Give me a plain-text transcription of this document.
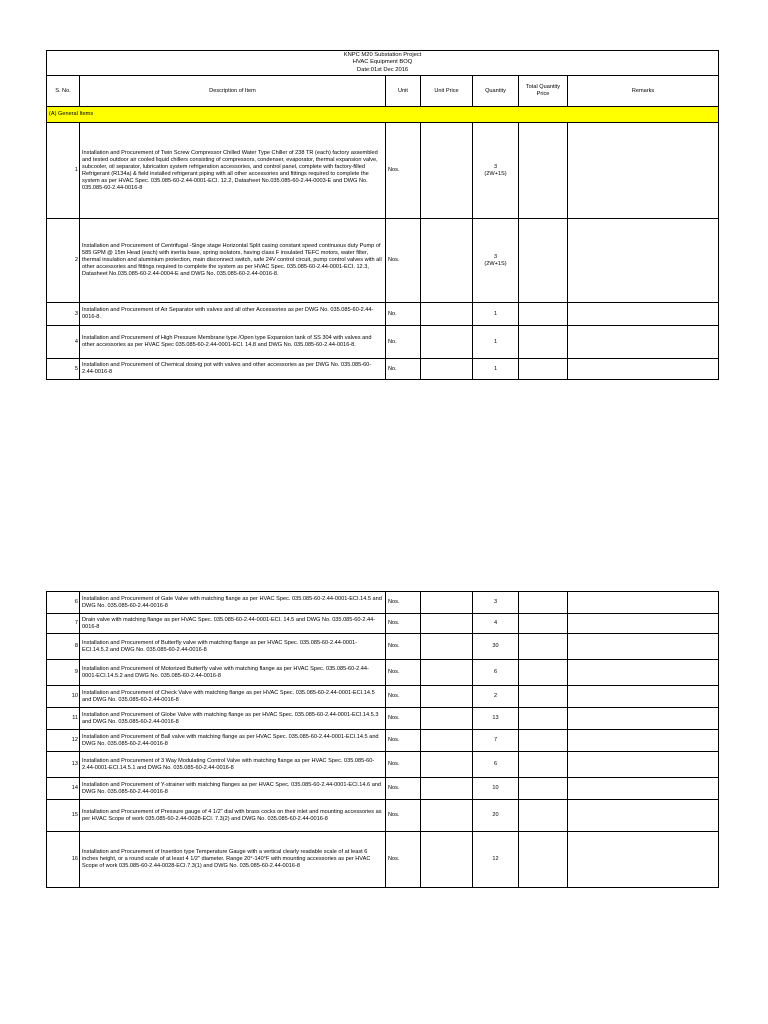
KNPC M20 Substation Project
HVAC Equipment BOQ
Date:01st Dec 2016						

S. No.	Description of Item	Unit	Unit Price	Quantity	Total Quantity Price	Remarks
(A) General Items						
1	Installation and Procurement of Twin Screw Compressor Chilled Water Type Chiller of 238 TR (each) factory assembled and tested outdoor air cooled liquid chillers consisting of compressors, condenser, evaporator, thermal expansion valve, subcooler, oil separator, lubrication system refrigeration accessories, and control panel, complete with factory-filled Refrigerant (R134a) & field installed refrigerant piping with all other accessories and fittings required to complete the system as per HVAC Spec. 035.085-60-2.44-0001-ECI. 12.2, Datasheet No.035.085-60-2.44-0003-E and DWG No. 035.085-60-2.44-0016-8	Nos.		3
(2W+1S)		

2	Installation and Procurement of Centrifugal -Singe stage Horizontal Split casing constant speed continuous duty Pump of 585 GPM @ 15m Head (each) with inertia base, spring isolators, having class F insulated TEFC motors, water filter, thermal insulation and aluminium protection, main disconnect switch, safe 24V control circuit, pump control valves with all other accessories and fittings required to complete the system as per HVAC Spec. 035.085-60-2.44-0001-ECI. 12.3, Datasheet No.035.085-60-2.44-0004-E and DWG No. 035.085-60-2.44-0016-8.	Nos.		3
(2W+1S)		

3	Installation and Procurement of Air Separator with valves and all other Accessories as per DWG No. 035.085-60-2.44-0016-8.	No.		1		

4	Installation and Procurement of High Pressure Membrane type /Open type Expansion tank of SS 304 with valves and other accessories as per HVAC Spec 035.085-60-2.44-0001-ECI. 14.8 and DWG No. 035.085-60-2.44-0016-8.	No.		1		

5	Installation and Procurement of Chemical dosing pot with valves and other accessories as per DWG No. 035.085-60-2.44-0016-8	No.		1		

6	Installation and Procurement of Gate Valve with matching flange as per HVAC Spec. 035.085-60-2.44-0001-ECI.14.5 and DWG No. 035.085-60-2.44-0016-8	Nos.		3		

7	Drain valve with matching flange as per HVAC Spec. 035.085-60-2.44-0001-ECI. 14.5 and DWG No. 035.085-60-2.44-0016-8	Nos.		4		

8	Installation and Procurement of Butterfly valve with matching flange as per HVAC Spec. 035.085-60-2.44-0001-ECI.14.5.2 and DWG No. 035.085-60-2.44-0016-8	Nos.		30		

9	Installation and Procurement of Motorized Butterfly valve with matching flange as per HVAC Spec. 035.085-60-2.44-0001-ECI.14.5.2 and DWG No. 035.085-60-2.44-0016-8	Nos.		6		

10	Installation and Procurement of Check Valve with matching flange as per HVAC Spec. 035.085-60-2.44-0001-ECI.14.5 and DWG No. 035.085-60-2.44-0016-8	Nos.		2		

11	Installation and Procurement of Globe Valve with matching flange as per HVAC Spec. 035.085-60-2.44-0001-ECI.14.5.3 and DWG No. 035.085-60-2.44-0016-8	Nos.		13		

12	Installation and Procurement of Ball valve with matching flange as per HVAC Spec. 035.085-60-2.44-0001-ECI.14.5 and DWG No. 035.085-60-2.44-0016-8	Nos.		7		

13	Installation and Procurement of 3 Way Modulating Control Valve with matching flange as per HVAC Spec. 035.085-60-2.44-0001-ECI.14.5.1 and DWG No. 035.085-60-2.44-0016-8	Nos.		6		

14	Installation and Procurement of Y-strainer with matching flanges as per HVAC Spec. 035.085-60-2.44-0001-ECI.14.6 and DWG No. 035.085-60-2.44-0016-8	Nos.		10		

15	Installation and Procurement of Pressure gauge of 4 1/2" dial with brass cocks on their inlet and mounting accessories as per HVAC Scope of work 035.085-60-2.44-0028-ECI. 7.3(2) and DWG No. 035.085-60-2.44-0016-8	Nos.		20		

16	Installation and Procurement of Insertion type Temperature Gauge with a vertical clearly readable scale of at least 6 inches height, or a round scale of at least 4 1/2" diameter. Range 20°-140°F with mounting accessories as per HVAC Scope of work 035.085-60-2.44-0028-ECI.7.3(1) and DWG No. 035.085-60-2.44-0016-8	Nos.		12		
